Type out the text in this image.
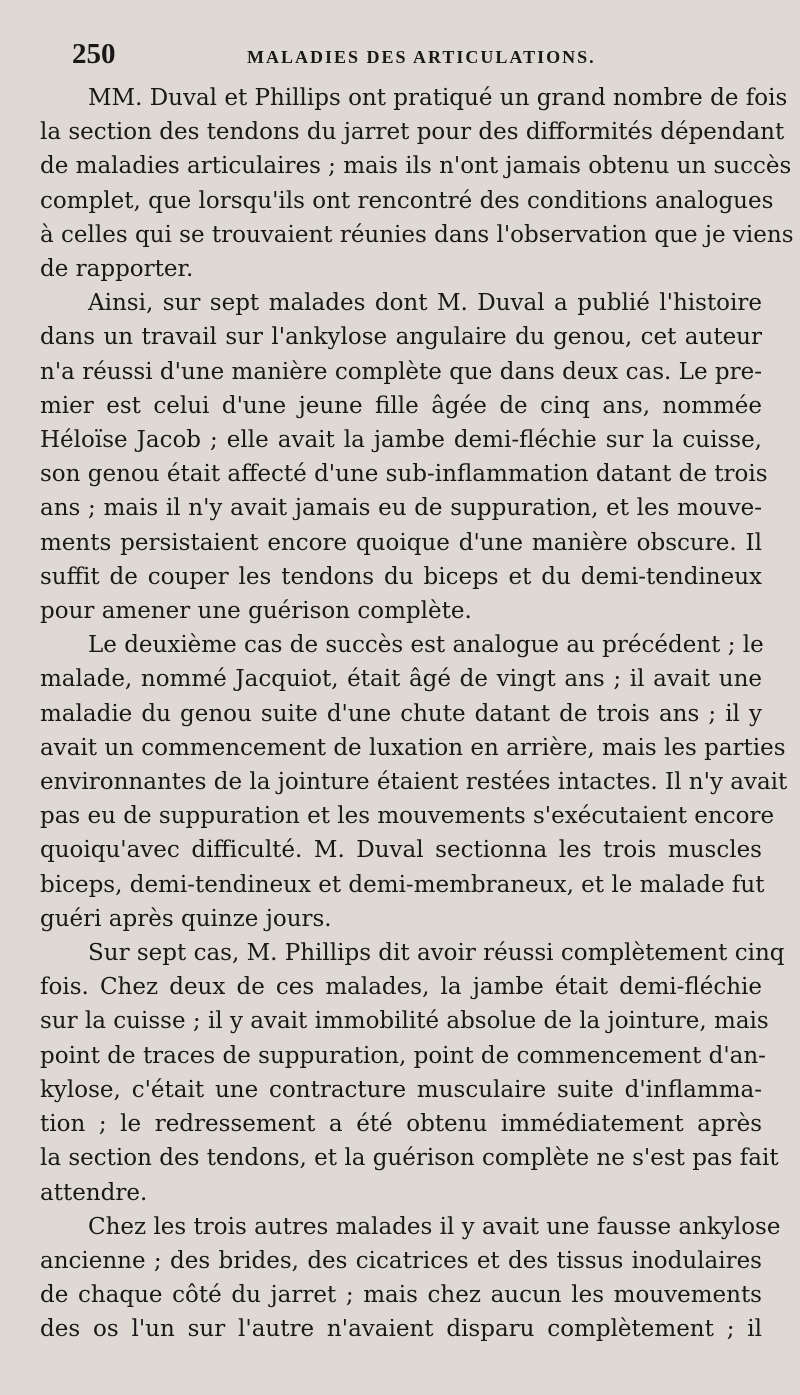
250	MALADIES DES ARTICULATIONS.
MM. Duval et Phillips ont pratiqué un grand nombre de fois
la section des tendons du jarret pour des difformités dépendant
de maladies articulaires ; mais ils n'ont jamais obtenu un succès
complet, que lorsqu'ils ont rencontré des conditions analogues
à celles qui se trouvaient réunies dans l'observation que je viens
de rapporter.
Ainsi, sur sept malades dont M. Duval a publié l'histoire
dans un travail sur l'ankylose angulaire du genou, cet auteur
n'a réussi d'une manière complète que dans deux cas. Le pre-
mier est celui d'une jeune fille âgée de cinq ans, nommée
Héloïse Jacob ; elle avait la jambe demi-fléchie sur la cuisse,
son genou était affecté d'une sub-inflammation datant de trois
ans ; mais il n'y avait jamais eu de suppuration, et les mouve-
ments persistaient encore quoique d'une manière obscure. Il
suffit de couper les tendons du biceps et du demi-tendineux
pour amener une guérison complète.
Le deuxième cas de succès est analogue au précédent ; le
malade, nommé Jacquiot, était âgé de vingt ans ; il avait une
maladie du genou suite d'une chute datant de trois ans ; il y
avait un commencement de luxation en arrière, mais les parties
environnantes de la jointure étaient restées intactes. Il n'y avait
pas eu de suppuration et les mouvements s'exécutaient encore
quoiqu'avec difficulté. M. Duval sectionna les trois muscles
biceps, demi-tendineux et demi-membraneux, et le malade fut
guéri après quinze jours.
Sur sept cas, M. Phillips dit avoir réussi complètement cinq
fois. Chez deux de ces malades, la jambe était demi-fléchie
sur la cuisse ; il y avait immobilité absolue de la jointure, mais
point de traces de suppuration, point de commencement d'an-
kylose, c'était une contracture musculaire suite d'inflamma-
tion ; le redressement a été obtenu immédiatement après
la section des tendons, et la guérison complète ne s'est pas fait
attendre.
Chez les trois autres malades il y avait une fausse ankylose
ancienne ; des brides, des cicatrices et des tissus inodulaires
de chaque côté du jarret ; mais chez aucun les mouvements
des os l'un sur l'autre n'avaient disparu complètement ; il
